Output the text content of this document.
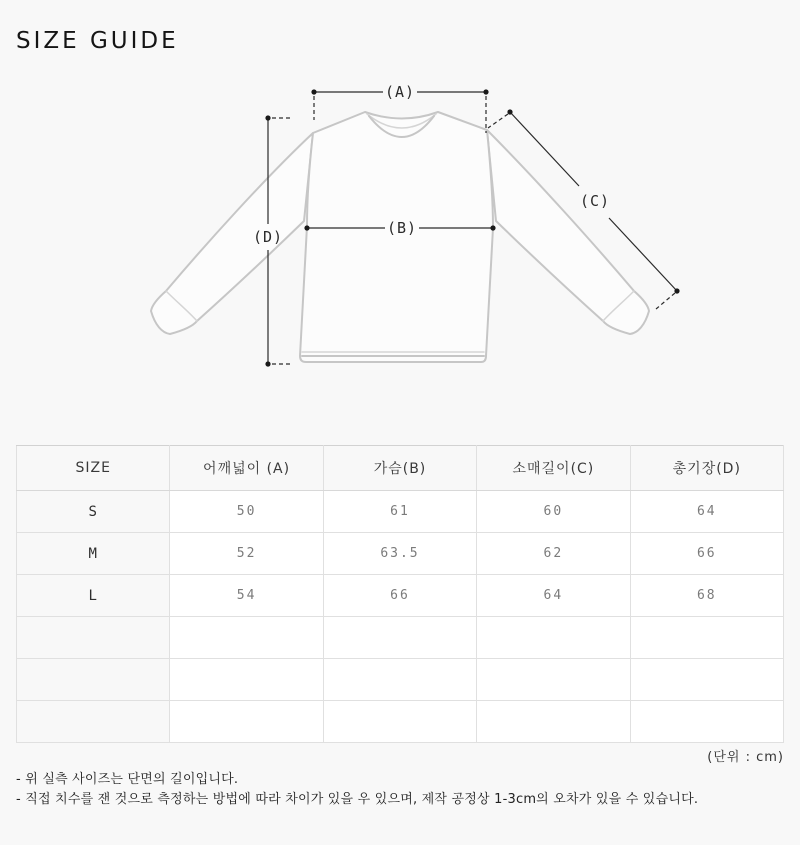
SIZE GUIDE
(A)
(B)
(C)
(D)
SIZE	어깨넓이 (A)	가슴(B)	소매길이(C)	총기장(D)
S	50	61	60	64
M	52	63.5	62	66
L	54	66	64	68

(단위 : cm)
- 위 실측 사이즈는 단면의 길이입니다.
- 직접 치수를 잰 것으로 측정하는 방법에 따라 차이가 있을 우 있으며, 제작 공정상 1-3cm의 오차가 있을 수 있습니다.
